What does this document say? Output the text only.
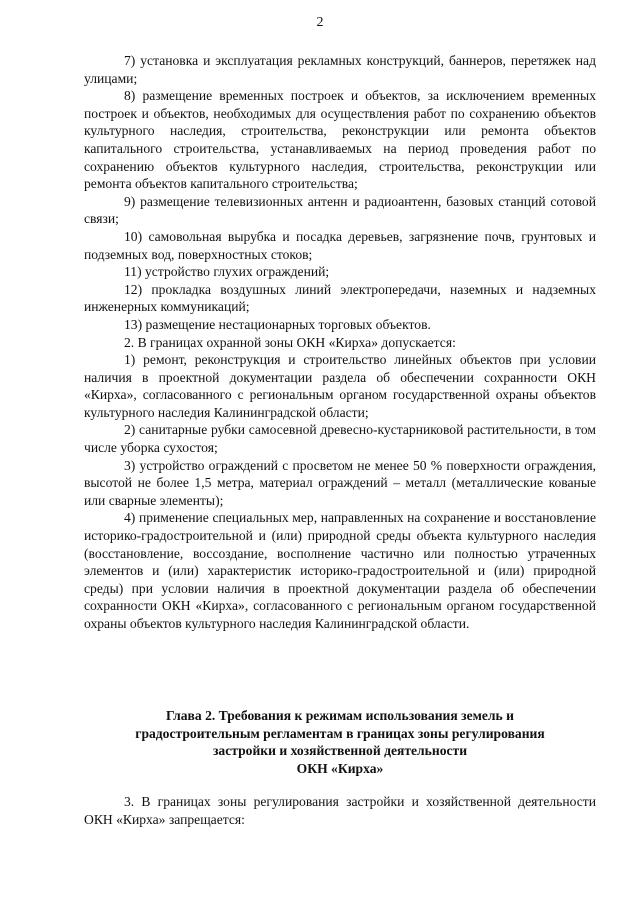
2

7) установка и эксплуатация рекламных конструкций, баннеров, перетяжек над улицами;

8) размещение временных построек и объектов, за исключением временных построек и объектов, необходимых для осуществления работ по сохранению объектов культурного наследия, строительства, реконструкции или ремонта объектов капитального строительства, устанавливаемых на период проведения работ по сохранению объектов культурного наследия, строительства, реконструкции или ремонта объектов капитального строительства;

9) размещение телевизионных антенн и радиоантенн, базовых станций сотовой связи;

10) самовольная вырубка и посадка деревьев, загрязнение почв, грунтовых и подземных вод, поверхностных стоков;

11) устройство глухих ограждений;

12) прокладка воздушных линий электропередачи, наземных и надземных инженерных коммуникаций;

13) размещение нестационарных торговых объектов.

2. В границах охранной зоны ОКН «Кирха» допускается:

1) ремонт, реконструкция и строительство линейных объектов при условии наличия в проектной документации раздела об обеспечении сохранности ОКН «Кирха», согласованного с региональным органом государственной охраны объектов культурного наследия Калининградской области;

2) санитарные рубки самосевной древесно-кустарниковой растительности, в том числе уборка сухостоя;

3) устройство ограждений с просветом не менее 50 % поверхности ограждения, высотой не более 1,5 метра, материал ограждений – металл (металлические кованые или сварные элементы);

4) применение специальных мер, направленных на сохранение и восстановление историко-градостроительной и (или) природной среды объекта культурного наследия (восстановление, воссоздание, восполнение частично или полностью утраченных элементов и (или) характеристик историко-градостроительной и (или) природной среды) при условии наличия в проектной документации раздела об обеспечении сохранности ОКН «Кирха», согласованного с региональным органом государственной охраны объектов культурного наследия Калининградской области.

Глава 2. Требования к режимам использования земель и
градостроительным регламентам в границах зоны регулирования
застройки и хозяйственной деятельности
ОКН «Кирха»

3. В границах зоны регулирования застройки и хозяйственной деятельности ОКН «Кирха» запрещается:
